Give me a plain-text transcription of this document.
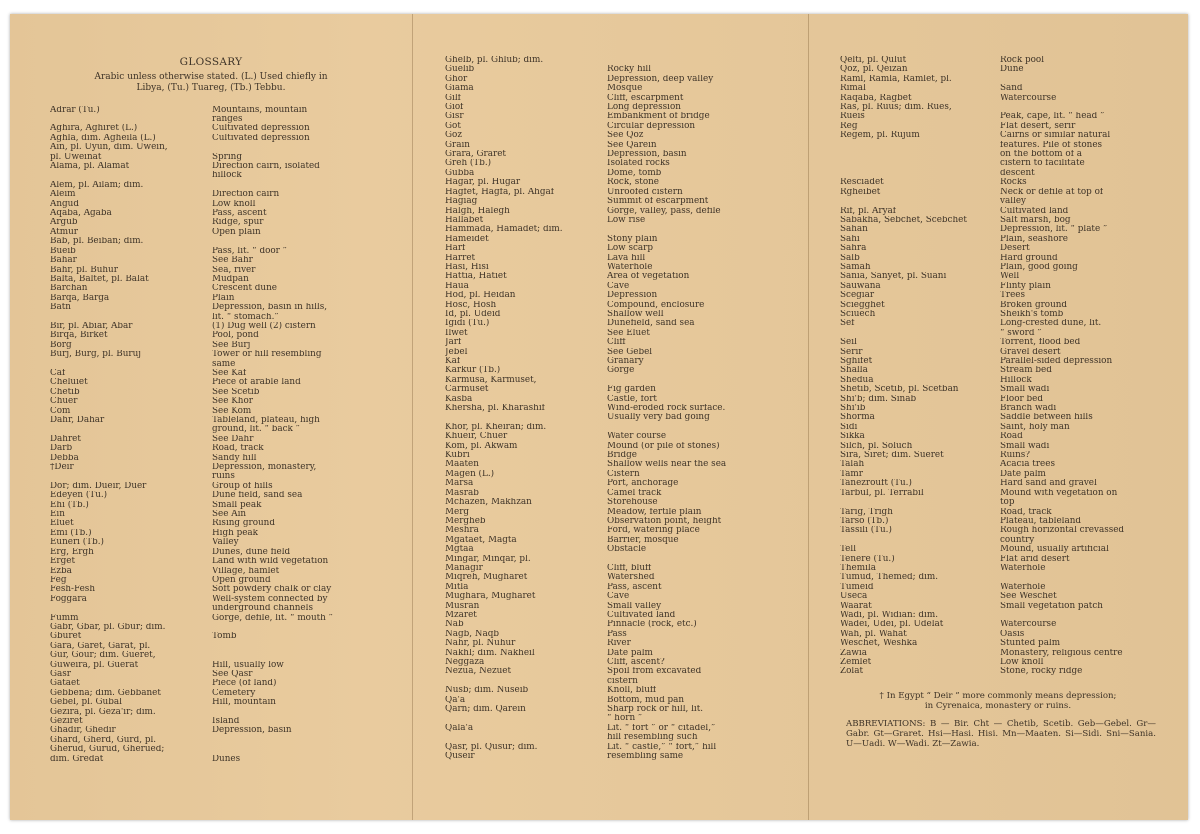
GLOSSARY
Arabic unless otherwise stated. (L.) Used chiefly in
Libya, (Tu.) Tuareg, (Tb.) Tebbu.
Adrar (Tu.)	Mountains, mountain
ranges
Aghira, Aghiret (L.)	Cultivated depression
Aghla, dim. Agheila (L.)	Cultivated depression
Ain, pl. Uyun, dim. Uwein,
pl. Uweinat	Spring
Alama, pl. Alamat	Direction cairn, isolated
hillock
Alem, pl. Ailam; dim.
Aleim	Direction cairn
Angud	Low knoll
Aqaba, Agaba	Pass, ascent
Argub	Ridge, spur
Atmur	Open plain
Bab, pl. Beiban; dim.
Bueib	Pass, lit. “ door ”
Bahar	See Bahr
Bahr, pl. Buhur	Sea, river
Balta, Baltet, pl. Balat	Mudpan
Barchan	Crescent dune
Barqa, Barga	Plain
Batn	Depression, basin in hills,
lit. “ stomach.”
Bir, pl. Abiar, Abar	(1) Dug well (2) cistern
Birqa, Birket	Pool, pond
Borg	See Burj
Burj, Burg, pl. Buruj	Tower or hill resembling
same
Caf	See Kaf
Cheluiet	Piece of arable land
Chetib	See Scetib
Chuer	See Khor
Com	See Kom
Dahr, Dahar	Tableland, plateau, high
ground, lit. “ back ”
Dahret	See Dahr
Darb	Road, track
Debba	Sandy hill
†Deir	Depression, monastery,
ruins
Dor; dim. Dueir, Duer	Group of hills
Edeyen (Tu.)	Dune field, sand sea
Ehi (Tb.)	Small peak
Ein	See Ain
Eluet	Rising ground
Emi (Tb.)	High peak
Euneri (Tb.)	Valley
Erg, Ergh	Dunes, dune field
Erget	Land with wild vegetation
Ezba	Village, hamlet
Feg	Open ground
Fesh-Fesh	Soft powdery chalk or clay
Foggara	Well-system connected by
underground channels
Fumm	Gorge, defile, lit. “ mouth ”
Gabr, Gbar, pl. Gbur; dim.
Gburet	Tomb
Gara, Garet, Garat, pl.
Gur, Gour; dim. Gueret,
Guweira, pl. Guerat	Hill, usually low
Gasr	See Qasr
Gataet	Piece (of land)
Gebbena; dim. Gebbanet	Cemetery
Gebel, pl. Gubal	Hill, mountain
Gezira, pl. Geza'ir; dim.
Geziret	Island
Ghadir, Ghedir	Depression, basin
Ghard, Gherd, Gurd, pl.
Gherud, Gurud, Gherued;
dim. Gredat	Dunes
Ghelb, pl. Ghlub; dim.
Guelib	Rocky hill
Ghor	Depression, deep valley
Giama	Mosque
Gilf	Cliff, escarpment
Giof	Long depression
Gisr	Embankment of bridge
Got	Circular depression
Goz	See Qoz
Grain	See Qarein
Grara, Graret	Depression, basin
Greh (Tb.)	Isolated rocks
Gubba	Dome, tomb
Hagar, pl. Hugar	Rock, stone
Hagfet, Hagfa, pl. Ahgaf	Unroofed cistern
Hagiag	Summit of escarpment
Halgh, Halegh	Gorge, valley, pass, defile
Hallabet	Low rise
Hammada, Hamadet; dim.
Hameidet	Stony plain
Harf	Low scarp
Harret	Lava hill
Hasi, Hisi	Waterhole
Hattia, Hatiet	Area of vegetation
Haua	Cave
Hod, pl. Heidan	Depression
Hosc, Hosh	Compound, enclosure
Id, pl. Udeid	Shallow well
Igidi (Tu.)	Dunefield, sand sea
Ilwet	See Eluet
Jarf	Cliff
Jebel	See Gebel
Kaf	Granary
Karkur (Tb.)	Gorge
Karmusa, Karmuset,
Carmuset	Fig garden
Kasba	Castle, fort
Khersha, pl. Kharashif	Wind-eroded rock surface.
Usually very bad going
Khor, pl. Kheiran; dim.
Khueir, Chuer	Water course
Kom, pl. Akwam	Mound (or pile of stones)
Kubri	Bridge
Maaten	Shallow wells near the sea
Magen (L.)	Cistern
Marsa	Port, anchorage
Masrab	Camel track
Mchazen, Makhzan	Storehouse
Merg	Meadow, fertile plain
Mergheb	Observation point, height
Meshra	Ford, watering place
Mgataet, Magta	Barrier, mosque
Mgtaa	Obstacle
Mingar, Minqar, pl.
Managir	Cliff, bluff
Miqreh, Mugharet	Watershed
Mitla	Pass, ascent
Mughara, Mugharet	Cave
Musran	Small valley
Mzaret	Cultivated land
Nab	Pinnacle (rock, etc.)
Nagb, Naqb	Pass
Nahr, pl. Nuhur	River
Nakhl; dim. Nakheil	Date palm
Neggaza	Cliff, ascent?
Nezua, Nezuet	Spoil from excavated
cistern
Nusb; dim. Nuseib	Knoll, bluff
Qa'a	Bottom, mud pan
Qarn; dim. Qarein	Sharp rock or hill, lit.
“ horn ”
Qala'a	Lit. “ fort ” or “ citadel,”
hill resembling such
Qasr, pl. Qusur; dim.	Lit. “ castle,” “ fort,” hill
Quseir	resembling same
Qelti, pl. Qulut	Rock pool
Qoz, pl. Qeizan	Dune
Raml, Ramla, Ramlet, pl.
Rimal	Sand
Raqaba, Ragbet	Watercourse
Ras, pl. Ruus; dim. Rues,
Rueis	Peak, cape, lit. “ head ”
Reg	Flat desert, serir
Regem, pl. Rujum	Cairns or similar natural
features. Pile of stones
on the bottom of a
cistern to facilitate
descent
Resciadet	Rocks
Rgheibet	Neck or defile at top of
valley
Rif, pl. Aryaf	Cultivated land
Sabakha, Sebchet, Scebchet	Salt marsh, bog
Sahan	Depression, lit. “ plate ”
Sahi	Plain, seashore
Sahra	Desert
Salb	Hard ground
Samah	Plain, good going
Sania, Sanyet, pl. Suani	Well
Sauwana	Flinty plain
Scegiar	Trees
Sciegghet	Broken ground
Sciuech	Sheikh's tomb
Sef	Long-crested dune, lit.
“ sword ”
Seil	Torrent, flood bed
Serir	Gravel desert
Sghifet	Parallel-sided depression
Shalla	Stream bed
Shedua	Hillock
Shetib, Scetib, pl. Scetban	Small wadi
Shi'b; dim. Sinab	Floor bed
Shi'ib	Branch wadi
Shorma	Saddle between hills
Sidi	Saint, holy man
Sikka	Road
Silch, pl. Soluch	Small wadi
Sira, Siret; dim. Sueret	Ruins?
Talah	Acacia trees
Tamr	Date palm
Tanezrouft (Tu.)	Hard sand and gravel
Tarbul, pl. Terrabil	Mound with vegetation on
top
Tarig, Trigh	Road, track
Tarso (Tb.)	Plateau, tableland
Tassili (Tu.)	Rough horizontal crevassed
country
Tell	Mound, usually artificial
Tenere (Tu.)	Flat arid desert
Themila	Waterhole
Tumud, Themed; dim.
Tumeid	Waterhole
Useca	See Weschet
Waarat	Small vegetation patch
Wadi, pl. Widian: dim.
Wadei, Udei, pl. Udelat	Watercourse
Wah, pl. Wahat	Oasis
Weschet, Weshka	Stunted palm
Zawia	Monastery, religious centre
Zemlet	Low knoll
Zolat	Stone, rocky ridge
† In Egypt “ Deir ” more commonly means depression;
in Cyrenaica, monastery or ruins.
ABBREVIATIONS: B — Bir. Cht — Chetib, Scetib. Geb—Gebel. Gr—Gabr. Gt—Graret. Hsi—Hasi. Hisi. Mn—Maaten. Si—Sidi. Sni—Sania. U—Uadi. W—Wadi. Zt—Zawia.
